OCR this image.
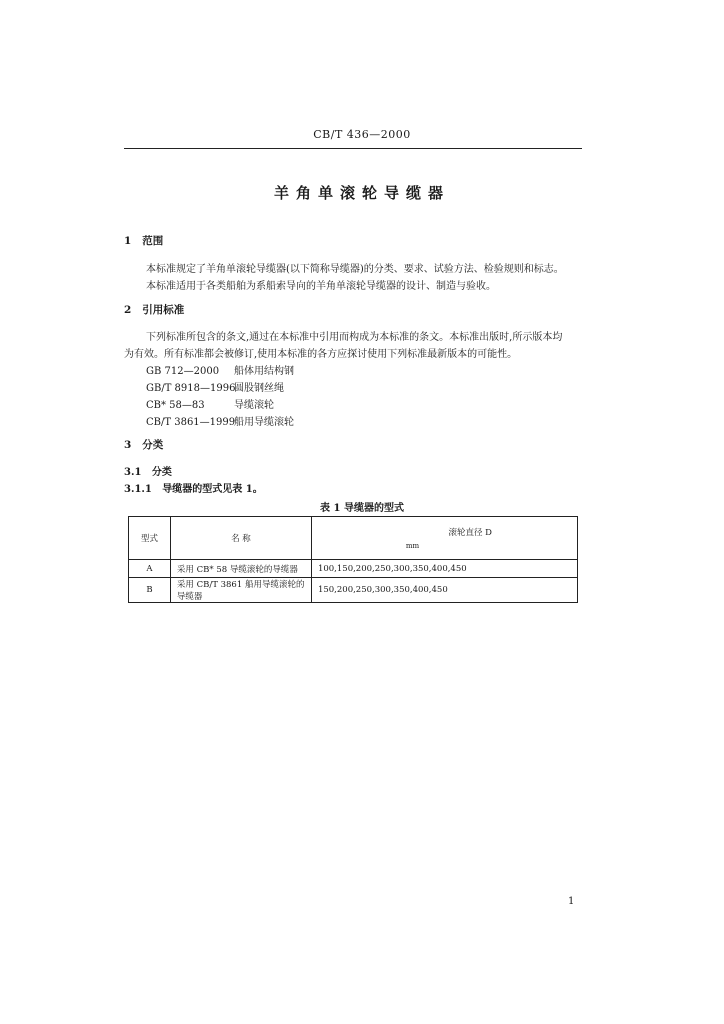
CB/T 436—2000
羊角单滚轮导缆器
1 范围
本标准规定了羊角单滚轮导缆器(以下简称导缆器)的分类、要求、试验方法、检验规则和标志。
本标准适用于各类船舶为系船索导向的羊角单滚轮导缆器的设计、制造与验收。
2 引用标准
下列标准所包含的条文,通过在本标准中引用而构成为本标准的条文。本标准出版时,所示版本均
为有效。所有标准都会被修订,使用本标准的各方应探讨使用下列标准最新版本的可能性。
GB 712—2000 船体用结构钢
GB/T 8918—1996圆股钢丝绳
CB* 58—83	导缆滚轮
CB/T 3861—1999船用导缆滚轮
3 分类
3.1 分类
3.1.1 导缆器的型式见表 1。
表 1 导缆器的型式
型式	名 称	滚轮直径 D
mm

A	采用 CB* 58 导缆滚轮的导缆器	100,150,200,250,300,350,400,450
B	采用 CB/T 3861 船用导缆滚轮的导缆器	150,200,250,300,350,400,450
1
